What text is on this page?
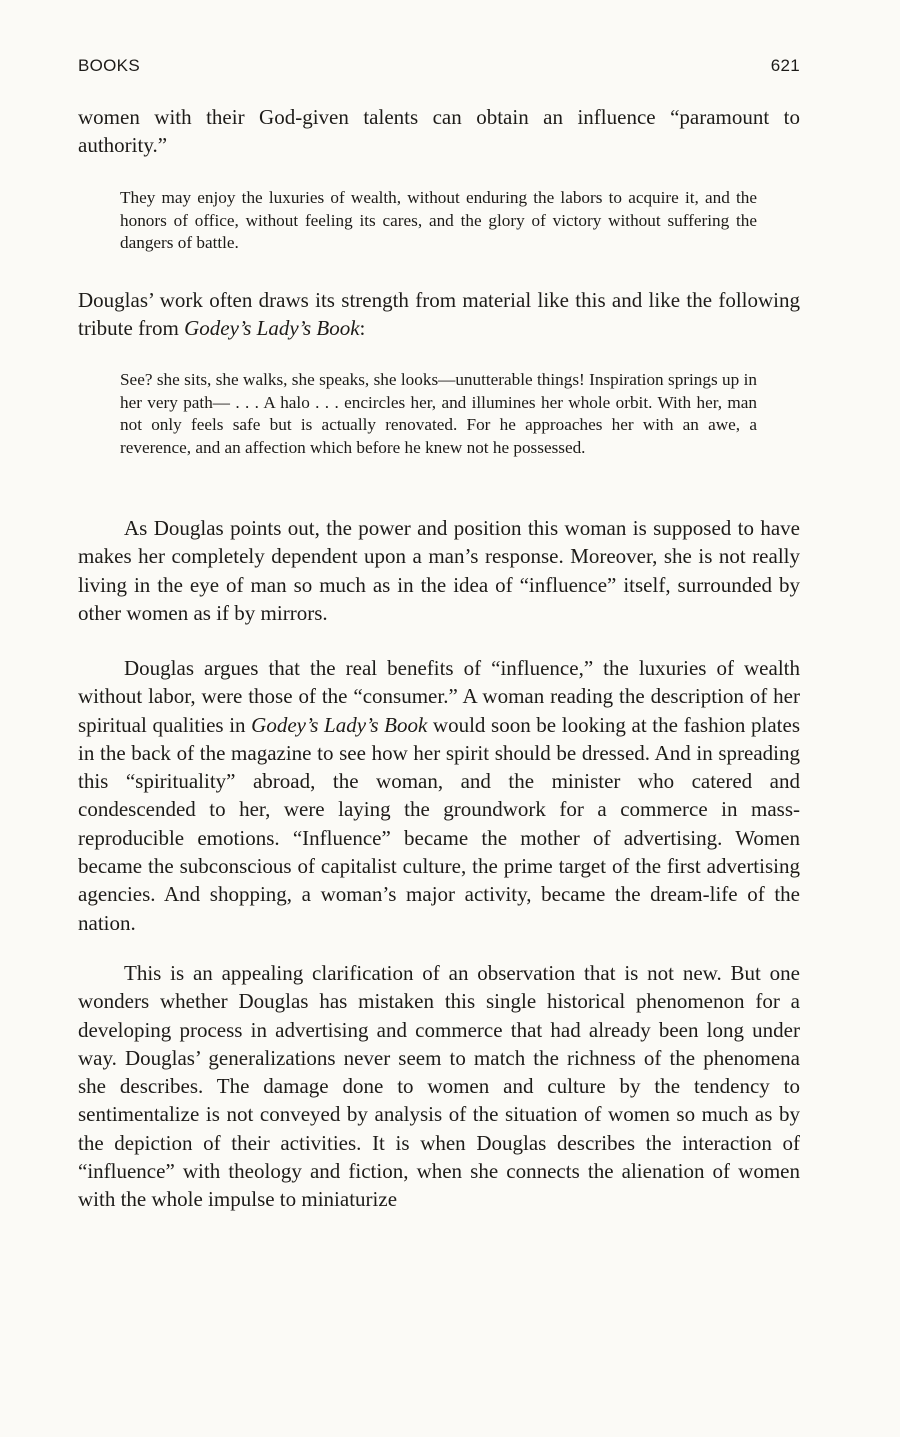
BOOKS	621

women with their God-given talents can obtain an influence “paramount to authority.”

They may enjoy the luxuries of wealth, without enduring the labors to acquire it, and the honors of office, without feeling its cares, and the glory of victory without suffering the dangers of battle.

Douglas’ work often draws its strength from material like this and like the following tribute from Godey’s Lady’s Book:

See? she sits, she walks, she speaks, she looks—unutterable things! Inspiration springs up in her very path— . . . A halo . . . encircles her, and illumines her whole orbit. With her, man not only feels safe but is actually renovated. For he approaches her with an awe, a reverence, and an affection which before he knew not he possessed.

As Douglas points out, the power and position this woman is supposed to have makes her completely dependent upon a man’s response. Moreover, she is not really living in the eye of man so much as in the idea of “influence” itself, surrounded by other women as if by mirrors.

Douglas argues that the real benefits of “influence,” the luxuries of wealth without labor, were those of the “consumer.” A woman reading the description of her spiritual qualities in Godey’s Lady’s Book would soon be looking at the fashion plates in the back of the magazine to see how her spirit should be dressed. And in spreading this “spirituality” abroad, the woman, and the minister who catered and condescended to her, were laying the groundwork for a commerce in mass-reproducible emotions. “Influence” became the mother of advertising. Women became the subconscious of capitalist culture, the prime target of the first advertising agencies. And shopping, a woman’s major activity, became the dream-life of the nation.

This is an appealing clarification of an observation that is not new. But one wonders whether Douglas has mistaken this single historical phenomenon for a developing process in advertising and commerce that had already been long under way. Douglas’ generalizations never seem to match the richness of the phenomena she describes. The damage done to women and culture by the tendency to sentimentalize is not conveyed by analysis of the situation of women so much as by the depiction of their activities. It is when Douglas describes the interaction of “influence” with theology and fiction, when she connects the alienation of women with the whole impulse to miniaturize
